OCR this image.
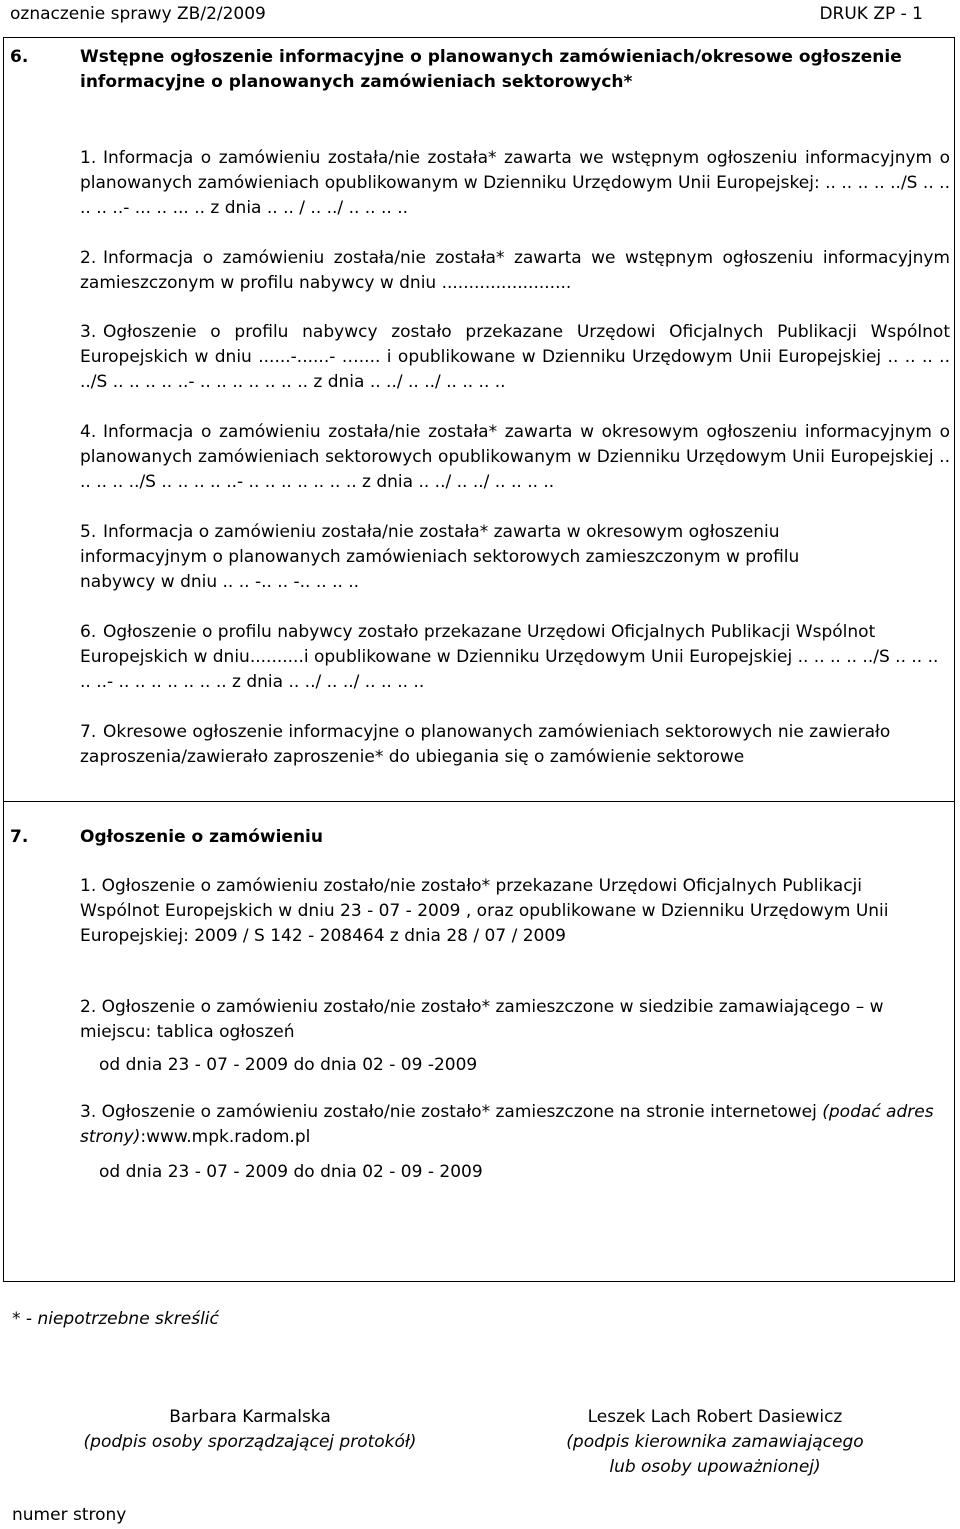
oznaczenie sprawy ZB/2/2009	DRUK ZP - 1
6.	Wstępne ogłoszenie informacyjne o planowanych zamówieniach/okresowe ogłoszenie informacyjne o planowanych zamówieniach sektorowych*
1. Informacja o zamówieniu została/nie została* zawarta we wstępnym ogłoszeniu informacyjnym o planowanych zamówieniach opublikowanym w Dzienniku Urzędowym Unii Europejskej: .. .. .. .. ../S .. .. .. .. ..- ... .. ... .. z dnia .. .. / .. ../ .. .. .. ..
2. Informacja o zamówieniu została/nie została* zawarta we wstępnym ogłoszeniu informacyjnym zamieszczonym w profilu nabywcy w dniu ........................
3. Ogłoszenie o profilu nabywcy zostało przekazane Urzędowi Oficjalnych Publikacji Wspólnot Europejskich w dniu ......-......- ….... i opublikowane w Dzienniku Urzędowym Unii Europejskiej .. .. .. .. ../S .. .. .. .. ..- .. .. .. .. .. .. .. z dnia .. ../ .. ../ .. .. .. ..
4. Informacja o zamówieniu została/nie została* zawarta w okresowym ogłoszeniu informacyjnym o planowanych zamówieniach sektorowych opublikowanym w Dzienniku Urzędowym Unii Europejskiej .. .. .. .. ../S .. .. .. .. ..- .. .. .. .. .. .. .. z dnia .. ../ .. ../ .. .. .. ..
5. Informacja o zamówieniu została/nie została* zawarta w okresowym ogłoszeniu informacyjnym o planowanych zamówieniach sektorowych zamieszczonym w profilu nabywcy w dniu .. .. -.. .. -.. .. .. ..
6. Ogłoszenie o profilu nabywcy zostało przekazane Urzędowi Oficjalnych Publikacji Wspólnot Europejskich w dniu..........i opublikowane w Dzienniku Urzędowym Unii Europejskiej .. .. .. .. ../S .. .. .. .. ..- .. .. .. .. .. .. .. z dnia .. ../ .. ../ .. .. .. ..
7. Okresowe ogłoszenie informacyjne o planowanych zamówieniach sektorowych nie zawierało zaproszenia/zawierało zaproszenie* do ubiegania się o zamówienie sektorowe
7.	Ogłoszenie o zamówieniu
1. Ogłoszenie o zamówieniu zostało/nie zostało* przekazane Urzędowi Oficjalnych Publikacji Wspólnot Europejskich w dniu 23 - 07 - 2009 , oraz opublikowane w Dzienniku Urzędowym Unii Europejskiej: 2009 / S 142 - 208464 z dnia 28 / 07 / 2009
2. Ogłoszenie o zamówieniu zostało/nie zostało* zamieszczone w siedzibie zamawiającego – w miejscu: tablica ogłoszeń
od dnia 23 - 07 - 2009 do dnia 02 - 09 -2009
3. Ogłoszenie o zamówieniu zostało/nie zostało* zamieszczone na stronie internetowej (podać adres strony):www.mpk.radom.pl
od dnia 23 - 07 - 2009 do dnia 02 - 09 - 2009
* - niepotrzebne skreślić
Barbara Karmalska
(podpis osoby sporządzającej protokół)
Leszek Lach Robert Dasiewicz
(podpis kierownika zamawiającego
lub osoby upoważnionej)
numer strony
